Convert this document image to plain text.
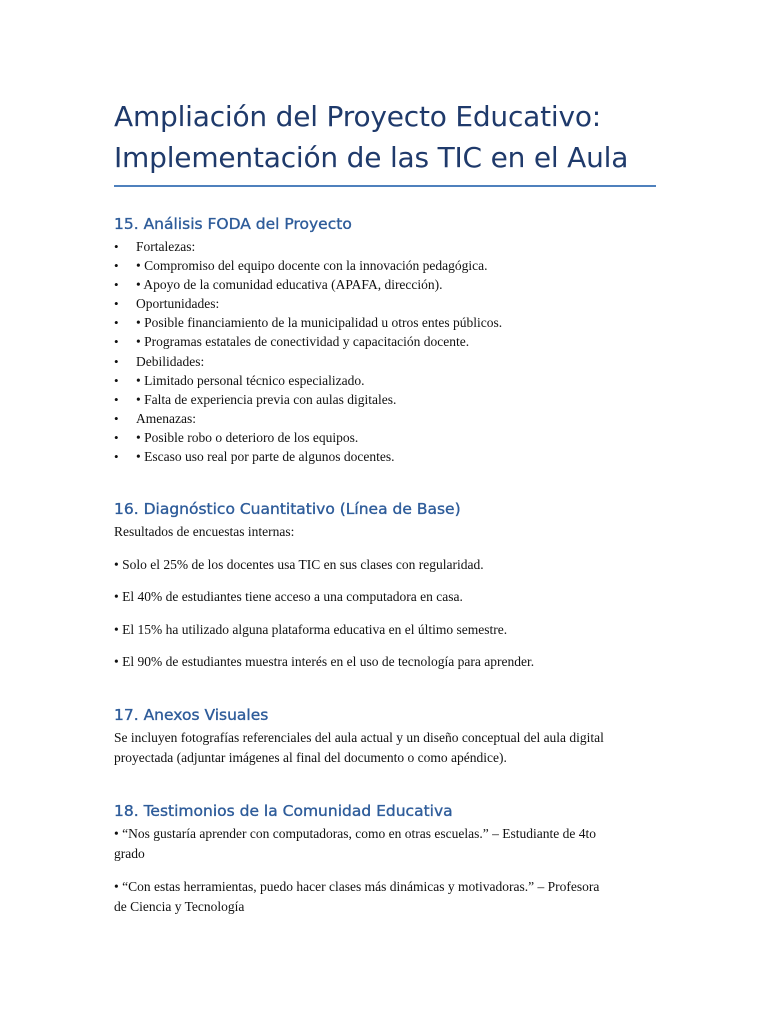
Ampliación del Proyecto Educativo:
Implementación de las TIC en el Aula
15. Análisis FODA del Proyecto
• Fortalezas:
• • Compromiso del equipo docente con la innovación pedagógica.
• • Apoyo de la comunidad educativa (APAFA, dirección).
• Oportunidades:
• • Posible financiamiento de la municipalidad u otros entes públicos.
• • Programas estatales de conectividad y capacitación docente.
• Debilidades:
• • Limitado personal técnico especializado.
• • Falta de experiencia previa con aulas digitales.
• Amenazas:
• • Posible robo o deterioro de los equipos.
• • Escaso uso real por parte de algunos docentes.
16. Diagnóstico Cuantitativo (Línea de Base)

Resultados de encuestas internas:

• Solo el 25% de los docentes usa TIC en sus clases con regularidad.

• El 40% de estudiantes tiene acceso a una computadora en casa.

• El 15% ha utilizado alguna plataforma educativa en el último semestre.

• El 90% de estudiantes muestra interés en el uso de tecnología para aprender.

17. Anexos Visuales

Se incluyen fotografías referenciales del aula actual y un diseño conceptual del aula digital
proyectada (adjuntar imágenes al final del documento o como apéndice).

18. Testimonios de la Comunidad Educativa

• “Nos gustaría aprender con computadoras, como en otras escuelas.” – Estudiante de 4to
grado

• “Con estas herramientas, puedo hacer clases más dinámicas y motivadoras.” – Profesora
de Ciencia y Tecnología
